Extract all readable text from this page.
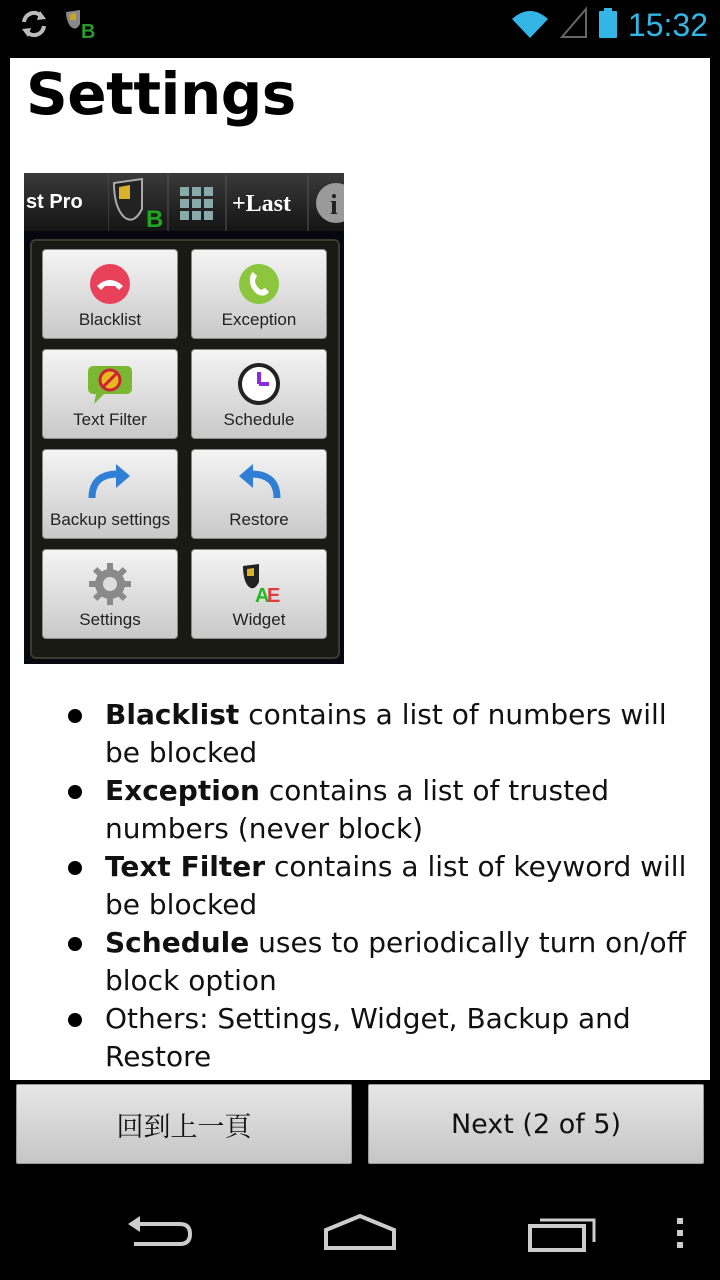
B	15:32
Settings
st Pro
B
+Last i
Blacklist	Exception
Text Filter	Schedule
Backup settings	Restore
Settings
A
E
Widget
Blacklist contains a list of numbers will be blocked
Exception contains a list of trusted numbers (never block)
Text Filter contains a list of keyword will be blocked
Schedule uses to periodically turn on/off block option
Others: Settings, Widget, Backup and Restore
回到上一頁	Next (2 of 5)
